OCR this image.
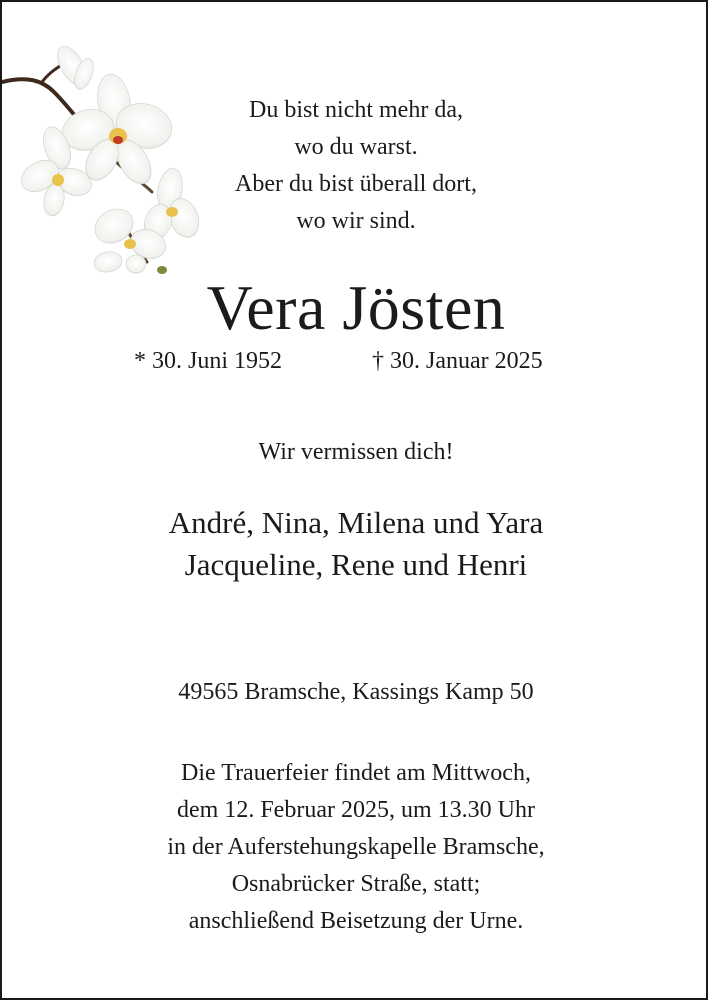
Du bist nicht mehr da,
wo du warst.
Aber du bist überall dort,
wo wir sind.
Vera Jösten
* 30. Juni 1952	† 30. Januar 2025
Wir vermissen dich!
André, Nina, Milena und Yara
Jacqueline, Rene und Henri
49565 Bramsche, Kassings Kamp 50
Die Trauerfeier findet am Mittwoch,
dem 12. Februar 2025, um 13.30 Uhr
in der Auferstehungskapelle Bramsche,
Osnabrücker Straße, statt;
anschließend Beisetzung der Urne.
